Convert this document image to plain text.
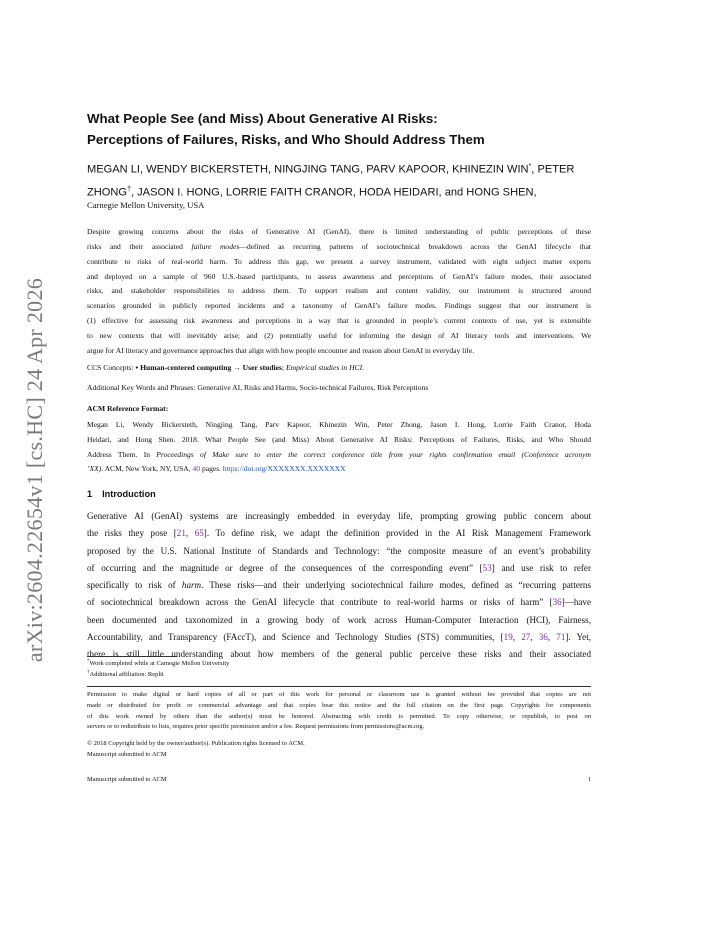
arXiv:2604.22654v1 [cs.HC] 24 Apr 2026
What People See (and Miss) About Generative AI Risks:
Perceptions of Failures, Risks, and Who Should Address Them
MEGAN LI, WENDY BICKERSTETH, NINGJING TANG, PARV KAPOOR, KHINEZIN WIN*, PETER
ZHONG†, JASON I. HONG, LORRIE FAITH CRANOR, HODA HEIDARI, and HONG SHEN,
Carnegie Mellon University, USA
Despite growing concerns about the risks of Generative AI (GenAI), there is limited understanding of public perceptions of these
risks and their associated failure modes—defined as recurring patterns of sociotechnical breakdown across the GenAI lifecycle that
contribute to risks of real-world harm. To address this gap, we present a survey instrument, validated with eight subject matter experts
and deployed on a sample of 960 U.S.-based participants, to assess awareness and perceptions of GenAI’s failure modes, their associated
risks, and stakeholder responsibilities to address them. To support realism and content validity, our instrument is structured around
scenarios grounded in publicly reported incidents and a taxonomy of GenAI’s failure modes. Findings suggest that our instrument is
(1) effective for assessing risk awareness and perceptions in a way that is grounded in people’s current contexts of use, yet is extensible
to new contexts that will inevitably arise; and (2) potentially useful for informing the design of AI literacy tools and interventions. We
argue for AI literacy and governance approaches that align with how people encounter and reason about GenAI in everyday life.
CCS Concepts: • Human-centered computing → User studies; Empirical studies in HCI.
Additional Key Words and Phrases: Generative AI, Risks and Harms, Socio-technical Failures, Risk Perceptions
ACM Reference Format:
Megan Li, Wendy Bickersteth, Ningjing Tang, Parv Kapoor, Khinezin Win, Peter Zhong, Jason I. Hong, Lorrie Faith Cranor, Hoda
Heidari, and Hong Shen. 2018. What People See (and Miss) About Generative AI Risks: Perceptions of Failures, Risks, and Who Should
Address Them. In Proceedings of Make sure to enter the correct conference title from your rights confirmation email (Conference acronym
’XX). ACM, New York, NY, USA, 40 pages. https://doi.org/XXXXXXX.XXXXXXX
1 Introduction
Generative AI (GenAI) systems are increasingly embedded in everyday life, prompting growing public concern about
the risks they pose [21, 65]. To define risk, we adapt the definition provided in the AI Risk Management Framework
proposed by the U.S. National Institute of Standards and Technology: “the composite measure of an event’s probability
of occurring and the magnitude or degree of the consequences of the corresponding event” [53] and use risk to refer
specifically to risk of harm. These risks—and their underlying sociotechnical failure modes, defined as “recurring patterns
of sociotechnical breakdown across the GenAI lifecycle that contribute to real-world harms or risks of harm” [36]—have
been documented and taxonomized in a growing body of work across Human-Computer Interaction (HCI), Fairness,
Accountability, and Transparency (FAccT), and Science and Technology Studies (STS) communities, [19, 27, 36, 71]. Yet,
there is still little understanding about how members of the general public perceive these risks and their associated
*Work completed while at Carnegie Mellon University
†Additional affiliation: Replit
Permission to make digital or hard copies of all or part of this work for personal or classroom use is granted without fee provided that copies are not
made or distributed for profit or commercial advantage and that copies bear this notice and the full citation on the first page. Copyrights for components
of this work owned by others than the author(s) must be honored. Abstracting with credit is permitted. To copy otherwise, or republish, to post on
servers or to redistribute to lists, requires prior specific permission and/or a fee. Request permissions from permissions@acm.org.
© 2018 Copyright held by the owner/author(s). Publication rights licensed to ACM.
Manuscript submitted to ACM
Manuscript submitted to ACM	1
